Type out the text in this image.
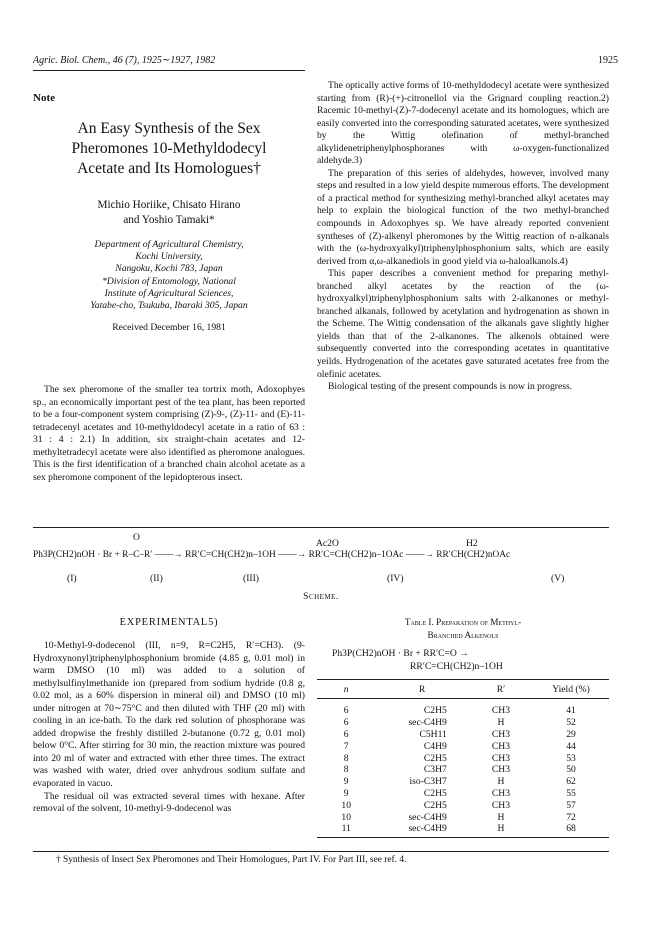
Agric. Biol. Chem., 46 (7), 1925∼1927, 1982	1925
Note
An Easy Synthesis of the Sex
Pheromones 10-Methyldodecyl
Acetate and Its Homologues†
Michio Horiike, Chisato Hirano
and Yoshio Tamaki*
Department of Agricultural Chemistry,
Kochi University,
Nangoku, Kochi 783, Japan
*Division of Entomology, National
Institute of Agricultural Sciences,
Yatabe-cho, Tsukuba, Ibaraki 305, Japan
Received December 16, 1981
The sex pheromone of the smaller tea tortrix moth, Adoxophyes sp., an economically important pest of the tea plant, has been reported to be a four-component system comprising (Z)-9-, (Z)-11- and (E)-11-tetradecenyl acetates and 10-methyldodecyl acetate in a ratio of 63 : 31 : 4 : 2.1) In addition, six straight-chain acetates and 12-methyltetradecyl acetate were also identified as pheromone analogues. This is the first identification of a branched chain alcohol acetate as a sex pheromone component of the lepidopterous insect.

The optically active forms of 10-methyldodecyl acetate were synthesized starting from (R)-(+)-citronellol via the Grignard coupling reaction.2) Racemic 10-methyl-(Z)-7-dodecenyl acetate and its homologues, which are easily converted into the corresponding saturated acetates, were synthesized by the Wittig olefination of methyl-branched alkylidenetriphenylphosphoranes with ω-oxygen-functionalized aldehyde.3)

The preparation of this series of aldehydes, however, involved many steps and resulted in a low yield despite numerous efforts. The development of a practical method for synthesizing methyl-branched alkyl acetates may help to explain the biological function of the two methyl-branched compounds in Adoxophyes sp. We have already reported convenient syntheses of (Z)-alkenyl pheromones by the Wittig reaction of n-alkanals with the (ω-hydroxyalkyl)triphenylphosphonium salts, which are easily derived from α,ω-alkanediols in good yield via ω-haloalkanols.4)

This paper describes a convenient method for preparing methyl-branched alkyl acetates by the reaction of the (ω-hydroxyalkyl)triphenylphosphonium salts with 2-alkanones or methyl-branched alkanals, followed by acetylation and hydrogenation as shown in the Scheme. The Wittig condensation of the alkanals gave slightly higher yields than that of the 2-alkanones. The alkenols obtained were subsequently converted into the corresponding acetates in quantitative yeilds. Hydrogenation of the acetates gave saturated acetates free from the olefinic acetates.

Biological testing of the present compounds is now in progress.

O
Ac2O	H2
Ph3P(CH2)nOH · Br + R–C–R′ ——→ RR′C=CH(CH2)n–1OH ——→ RR′C=CH(CH2)n–1OAc ——→ RR′CH(CH2)nOAc
(I)	(II)	(III)	(IV)	(V)
Scheme.
EXPERIMENTAL5)

10-Methyl-9-dodecenol (III, n=9, R=C2H5, R′=CH3). (9-Hydroxynonyl)triphenylphosphonium bromide (4.85 g, 0.01 mol) in warm DMSO (10 ml) was added to a solution of methylsulfinylmethanide ion (prepared from sodium hydride (0.8 g, 0.02 mol, as a 60% dispersion in mineral oil) and DMSO (10 ml) under nitrogen at 70∼75°C and then diluted with THF (20 ml) with cooling in an ice-bath. To the dark red solution of phosphorane was added dropwise the freshly distilled 2-butanone (0.72 g, 0.01 mol) below 0°C. After stirring for 30 min, the reaction mixture was poured into 20 ml of water and extracted with ether three times. The extract was washed with water, dried over anhydrous sodium sulfate and evaporated in vacuo.

The residual oil was extracted several times with hexane. After removal of the solvent, 10-methyl-9-dodecenol was

Table I. Preparation of Methyl-
Branched Alkenols
Ph3P(CH2)nOH · Br + RR′C=O →
RR′C=CH(CH2)n–1OH
n	R	R′	Yield (%)

6	C2H5	CH3	41
6	sec-C4H9	H	52
6	C5H11	CH3	29
7	C4H9	CH3	44
8	C2H5	CH3	53
8	C3H7	CH3	50
9	iso-C3H7	H	62
9	C2H5	CH3	55
10	C2H5	CH3	57
10	sec-C4H9	H	72
11	sec-C4H9	H	68
† Synthesis of Insect Sex Pheromones and Their Homologues, Part IV. For Part III, see ref. 4.
